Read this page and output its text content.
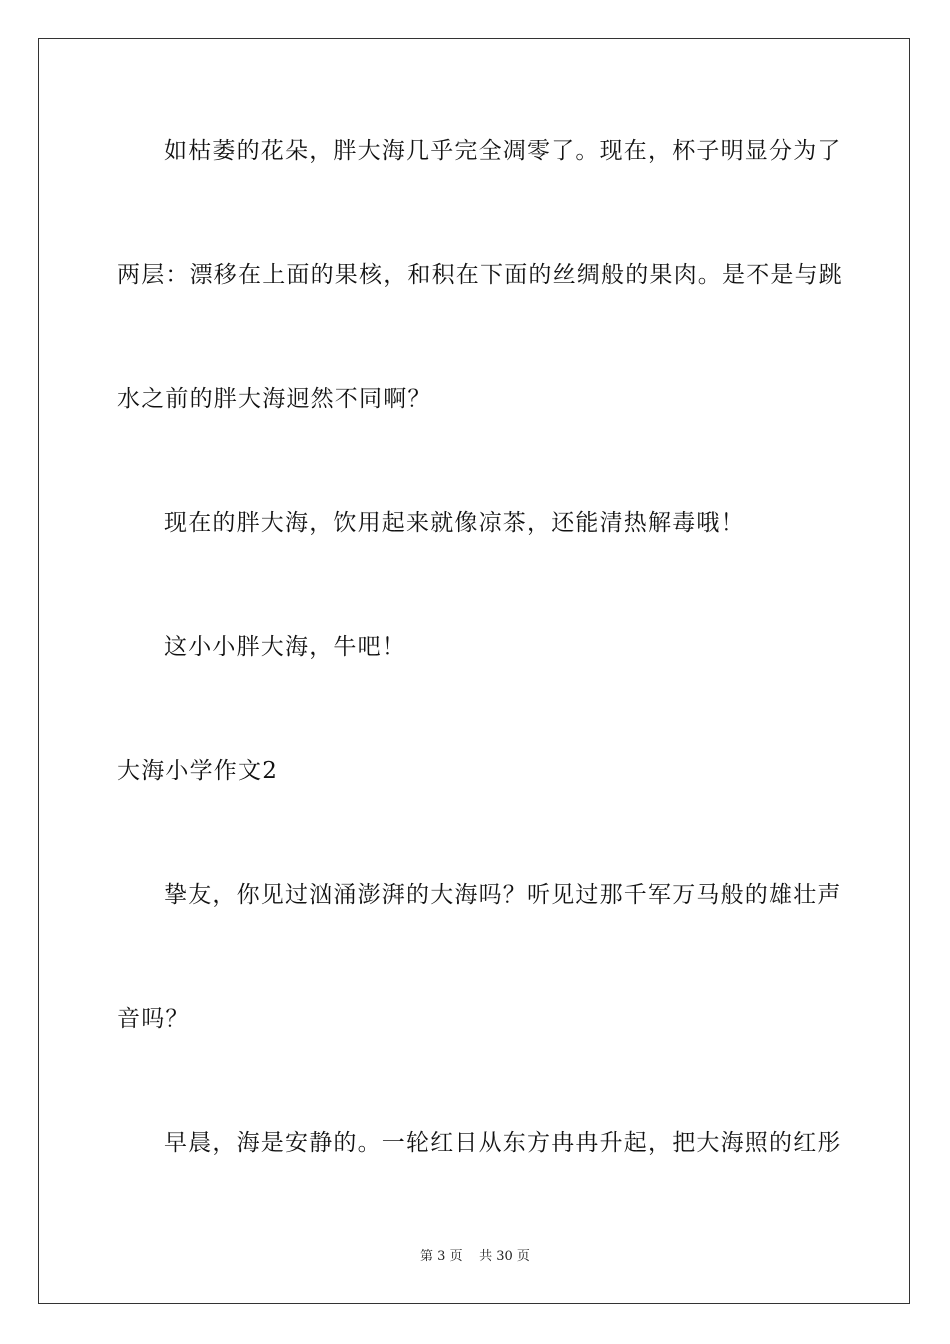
如枯萎的花朵，胖大海几乎完全凋零了。现在，杯子明显分为了
两层：漂移在上面的果核，和积在下面的丝绸般的果肉。是不是与跳
水之前的胖大海迥然不同啊？
现在的胖大海，饮用起来就像凉茶，还能清热解毒哦！
这小小胖大海，牛吧！
大海小学作文2
挚友，你见过汹涌澎湃的大海吗？听见过那千军万马般的雄壮声
音吗？
早晨，海是安静的。一轮红日从东方冉冉升起，把大海照的红彤
第 3 页 共 30 页
